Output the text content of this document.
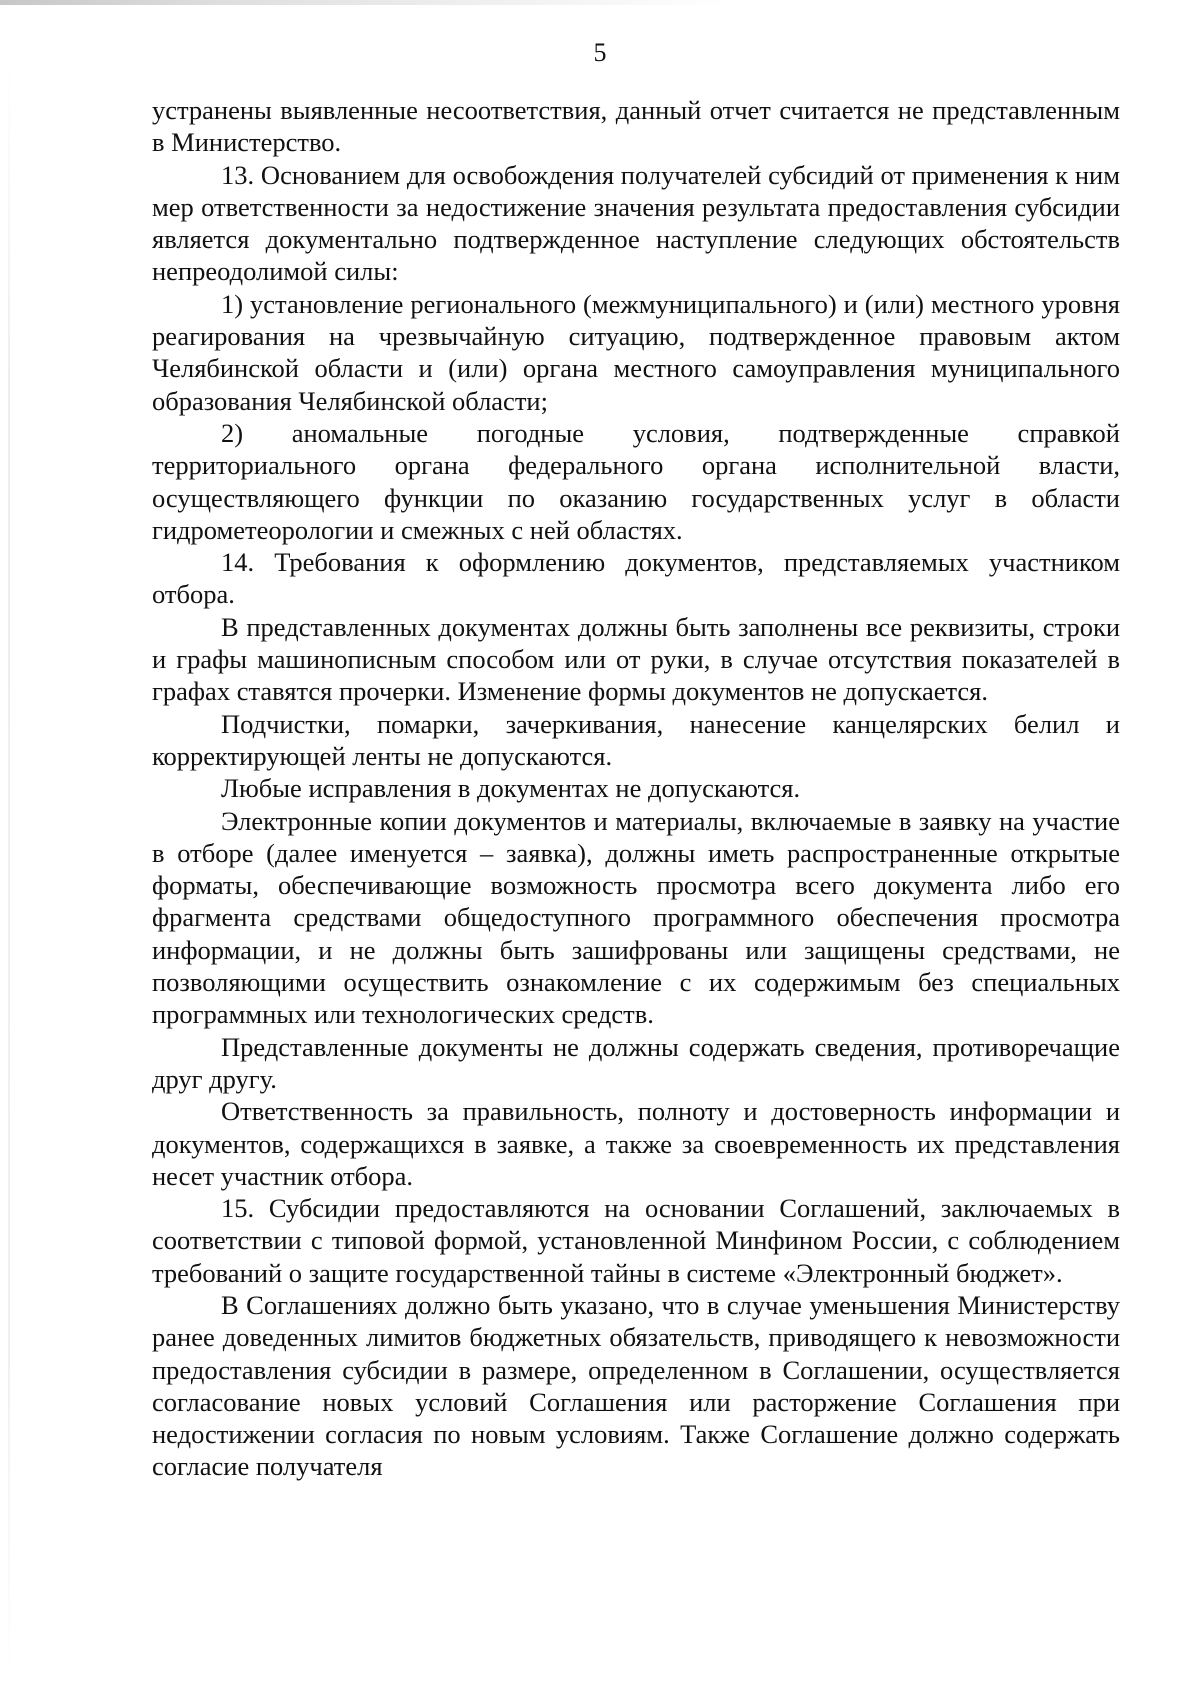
5

устранены выявленные несоответствия, данный отчет считается не представленным в Министерство.

13. Основанием для освобождения получателей субсидий от применения к ним мер ответственности за недостижение значения результата предоставления субсидии является документально подтвержденное наступление следующих обстоятельств непреодолимой силы:

1) установление регионального (межмуниципального) и (или) местного уровня реагирования на чрезвычайную ситуацию, подтвержденное правовым актом Челябинской области и (или) органа местного самоуправления муниципального образования Челябинской области;

2) аномальные погодные условия, подтвержденные справкой территориального органа федерального органа исполнительной власти, осуществляющего функции по оказанию государственных услуг в области гидрометеорологии и смежных с ней областях.

14. Требования к оформлению документов, представляемых участником отбора.

В представленных документах должны быть заполнены все реквизиты, строки и графы машинописным способом или от руки, в случае отсутствия показателей в графах ставятся прочерки. Изменение формы документов не допускается.

Подчистки, помарки, зачеркивания, нанесение канцелярских белил и корректирующей ленты не допускаются.

Любые исправления в документах не допускаются.

Электронные копии документов и материалы, включаемые в заявку на участие в отборе (далее именуется – заявка), должны иметь распространенные открытые форматы, обеспечивающие возможность просмотра всего документа либо его фрагмента средствами общедоступного программного обеспечения просмотра информации, и не должны быть зашифрованы или защищены средствами, не позволяющими осуществить ознакомление с их содержимым без специальных программных или технологических средств.

Представленные документы не должны содержать сведения, противоречащие друг другу.

Ответственность за правильность, полноту и достоверность информации и документов, содержащихся в заявке, а также за своевременность их представления несет участник отбора.

15. Субсидии предоставляются на основании Соглашений, заключаемых в соответствии с типовой формой, установленной Минфином России, с соблюдением требований о защите государственной тайны в системе «Электронный бюджет».

В Соглашениях должно быть указано, что в случае уменьшения Министерству ранее доведенных лимитов бюджетных обязательств, приводящего к невозможности предоставления субсидии в размере, определенном в Соглашении, осуществляется согласование новых условий Соглашения или расторжение Соглашения при недостижении согласия по новым условиям. Также Соглашение должно содержать согласие получателя
